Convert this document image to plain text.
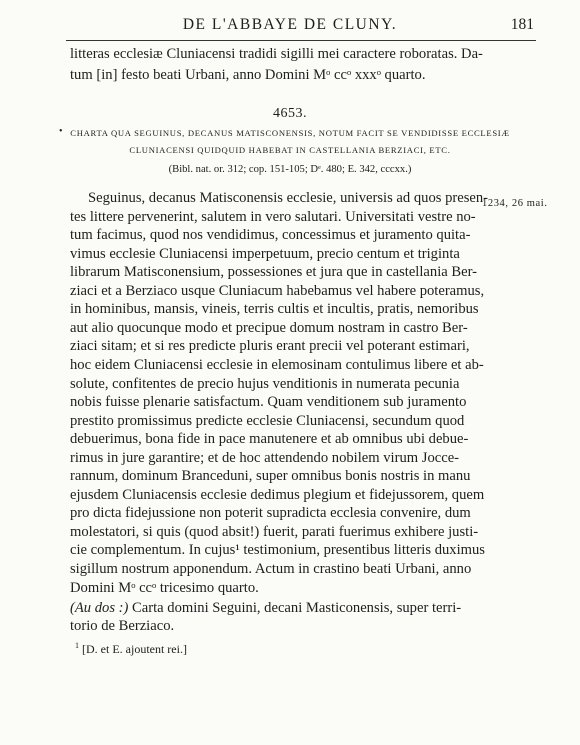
DE L'ABBAYE DE CLUNY.	181
litteras ecclesiæ Cluniacensi tradidi sigilli mei caractere roboratas. Da-
tum [in] festo beati Urbani, anno Domini Mᵒ ccᵒ xxxᵒ quarto.
4653.
• CHARTA QUA SEGUINUS, DECANUS MATISCONENSIS, NOTUM FACIT SE VENDIDISSE ECCLESIÆ
CLUNIACENSI QUIDQUID HABEBAT IN CASTELLANIA BERZIACI, ETC.
(Bibl. nat. or. 312; cop. 151-105; Dᵉ. 480; E. 342, cccxx.)
1234, 26 mai.
Seguinus, decanus Matisconensis ecclesie, universis ad quos presen-
tes littere pervenerint, salutem in vero salutari. Universitati vestre no-
tum facimus, quod nos vendidimus, concessimus et juramento quita-
vimus ecclesie Cluniacensi imperpetuum, precio centum et triginta
librarum Matisconensium, possessiones et jura que in castellania Ber-
ziaci et a Berziaco usque Cluniacum habebamus vel habere poteramus,
in hominibus, mansis, vineis, terris cultis et incultis, pratis, nemoribus
aut alio quocunque modo et precipue domum nostram in castro Ber-
ziaci sitam; et si res predicte pluris erant precii vel poterant estimari,
hoc eidem Cluniacensi ecclesie in elemosinam contulimus libere et ab-
solute, confitentes de precio hujus venditionis in numerata pecunia
nobis fuisse plenarie satisfactum. Quam venditionem sub juramento
prestito promissimus predicte ecclesie Cluniacensi, secundum quod
debuerimus, bona fide in pace manutenere et ab omnibus ubi debue-
rimus in jure garantire; et de hoc attendendo nobilem virum Jocce-
rannum, dominum Branceduni, super omnibus bonis nostris in manu
ejusdem Cluniacensis ecclesie dedimus plegium et fidejussorem, quem
pro dicta fidejussione non poterit supradicta ecclesia convenire, dum
molestatori, si quis (quod absit!) fuerit, parati fuerimus exhibere justi-
cie complementum. In cujus¹ testimonium, presentibus litteris duximus
sigillum nostrum apponendum. Actum in crastino beati Urbani, anno
Domini Mᵒ ccᵒ tricesimo quarto.
(Au dos :) Carta domini Seguini, decani Masticonensis, super terri-
torio de Berziaco.
$^1$ [D. et E. ajoutent rei.]
